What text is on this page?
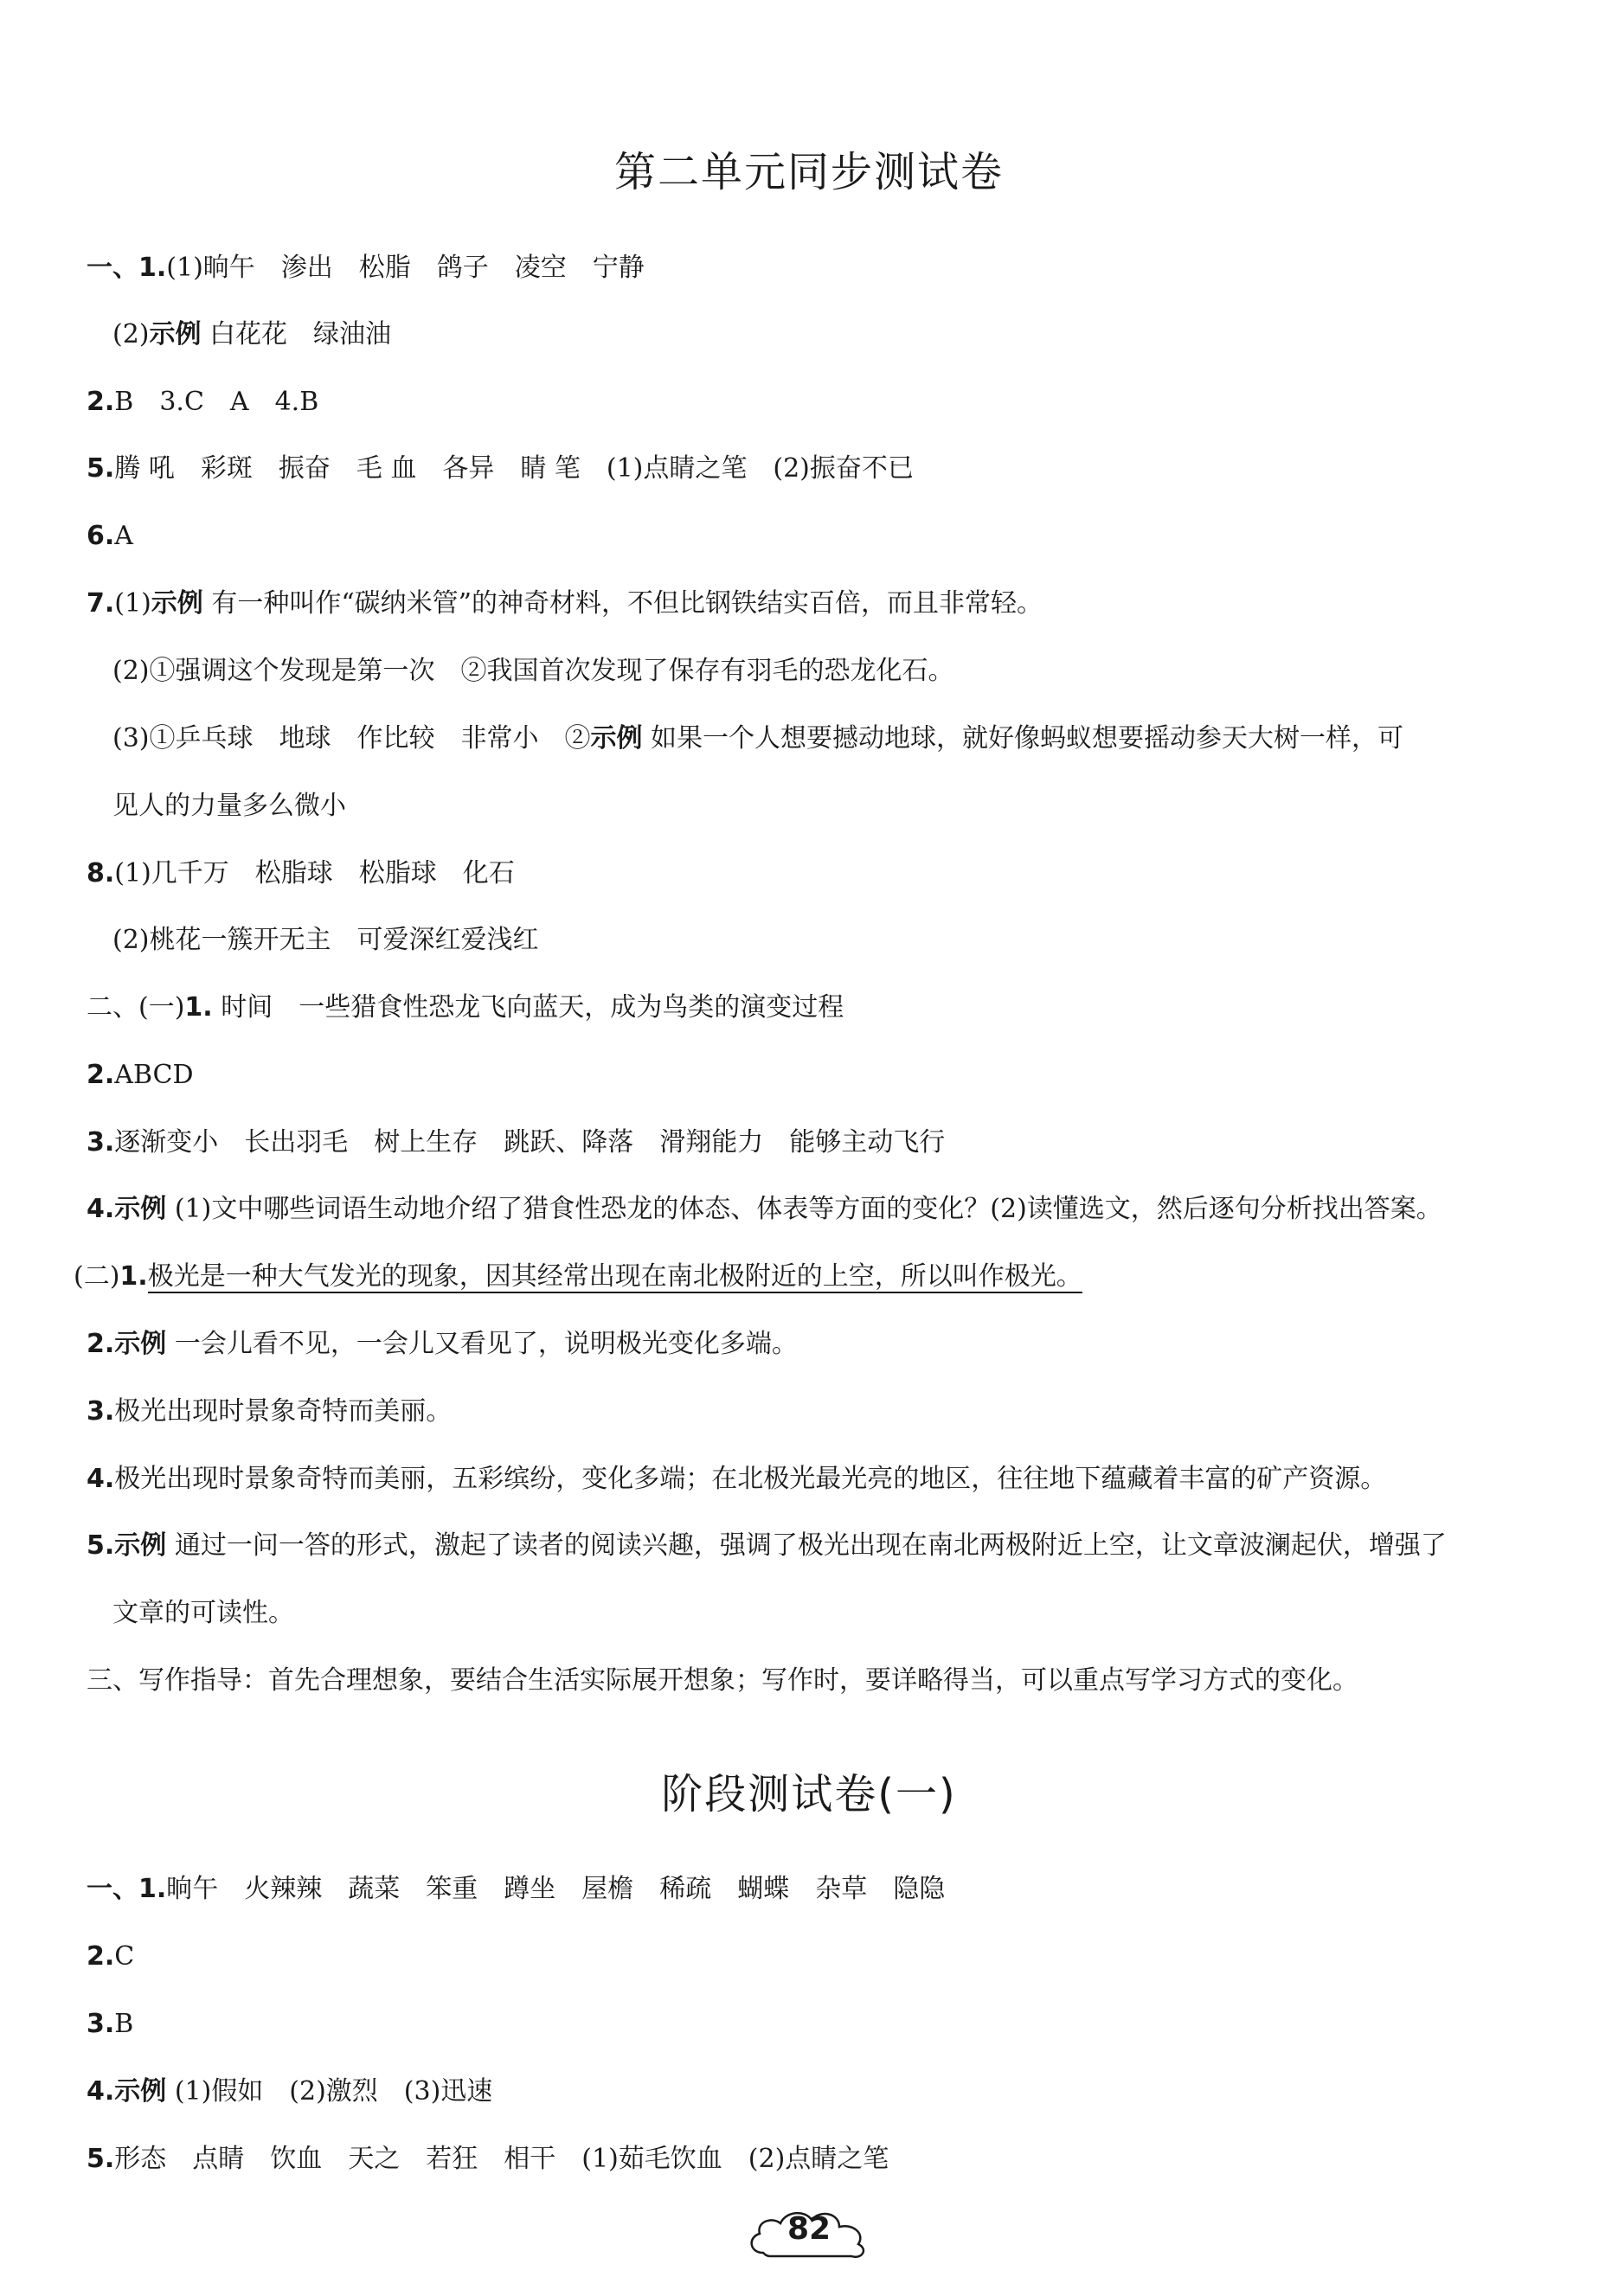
第二单元同步测试卷

一、1.(1)晌午　渗出　松脂　鸽子　凌空　宁静

(2)示例 白花花　绿油油

2.B　3.C　A　4.B

5.腾 吼　彩斑　振奋　毛 血　各异　睛 笔　(1)点睛之笔　(2)振奋不已

6.A

7.(1)示例 有一种叫作“碳纳米管”的神奇材料，不但比钢铁结实百倍，而且非常轻。

(2)①强调这个发现是第一次　②我国首次发现了保存有羽毛的恐龙化石。

(3)①乒乓球　地球　作比较　非常小　②示例 如果一个人想要撼动地球，就好像蚂蚁想要摇动参天大树一样，可

见人的力量多么微小

8.(1)几千万　松脂球　松脂球　化石

(2)桃花一簇开无主　可爱深红爱浅红

二、(一)1. 时间　一些猎食性恐龙飞向蓝天，成为鸟类的演变过程

2.ABCD

3.逐渐变小　长出羽毛　树上生存　跳跃、降落　滑翔能力　能够主动飞行

4.示例 (1)文中哪些词语生动地介绍了猎食性恐龙的体态、体表等方面的变化？(2)读懂选文，然后逐句分析找出答案。

(二)1.极光是一种大气发光的现象，因其经常出现在南北极附近的上空，所以叫作极光。

2.示例 一会儿看不见，一会儿又看见了，说明极光变化多端。

3.极光出现时景象奇特而美丽。

4.极光出现时景象奇特而美丽，五彩缤纷，变化多端；在北极光最光亮的地区，往往地下蕴藏着丰富的矿产资源。

5.示例 通过一问一答的形式，激起了读者的阅读兴趣，强调了极光出现在南北两极附近上空，让文章波澜起伏，增强了

文章的可读性。

三、写作指导：首先合理想象，要结合生活实际展开想象；写作时，要详略得当，可以重点写学习方式的变化。

阶段测试卷(一)

一、1.晌午　火辣辣　蔬菜　笨重　蹲坐　屋檐　稀疏　蝴蝶　杂草　隐隐

2.C

3.B

4.示例 (1)假如　(2)激烈　(3)迅速

5.形态　点睛　饮血　天之　若狂　相干　(1)茹毛饮血　(2)点睛之笔

82
